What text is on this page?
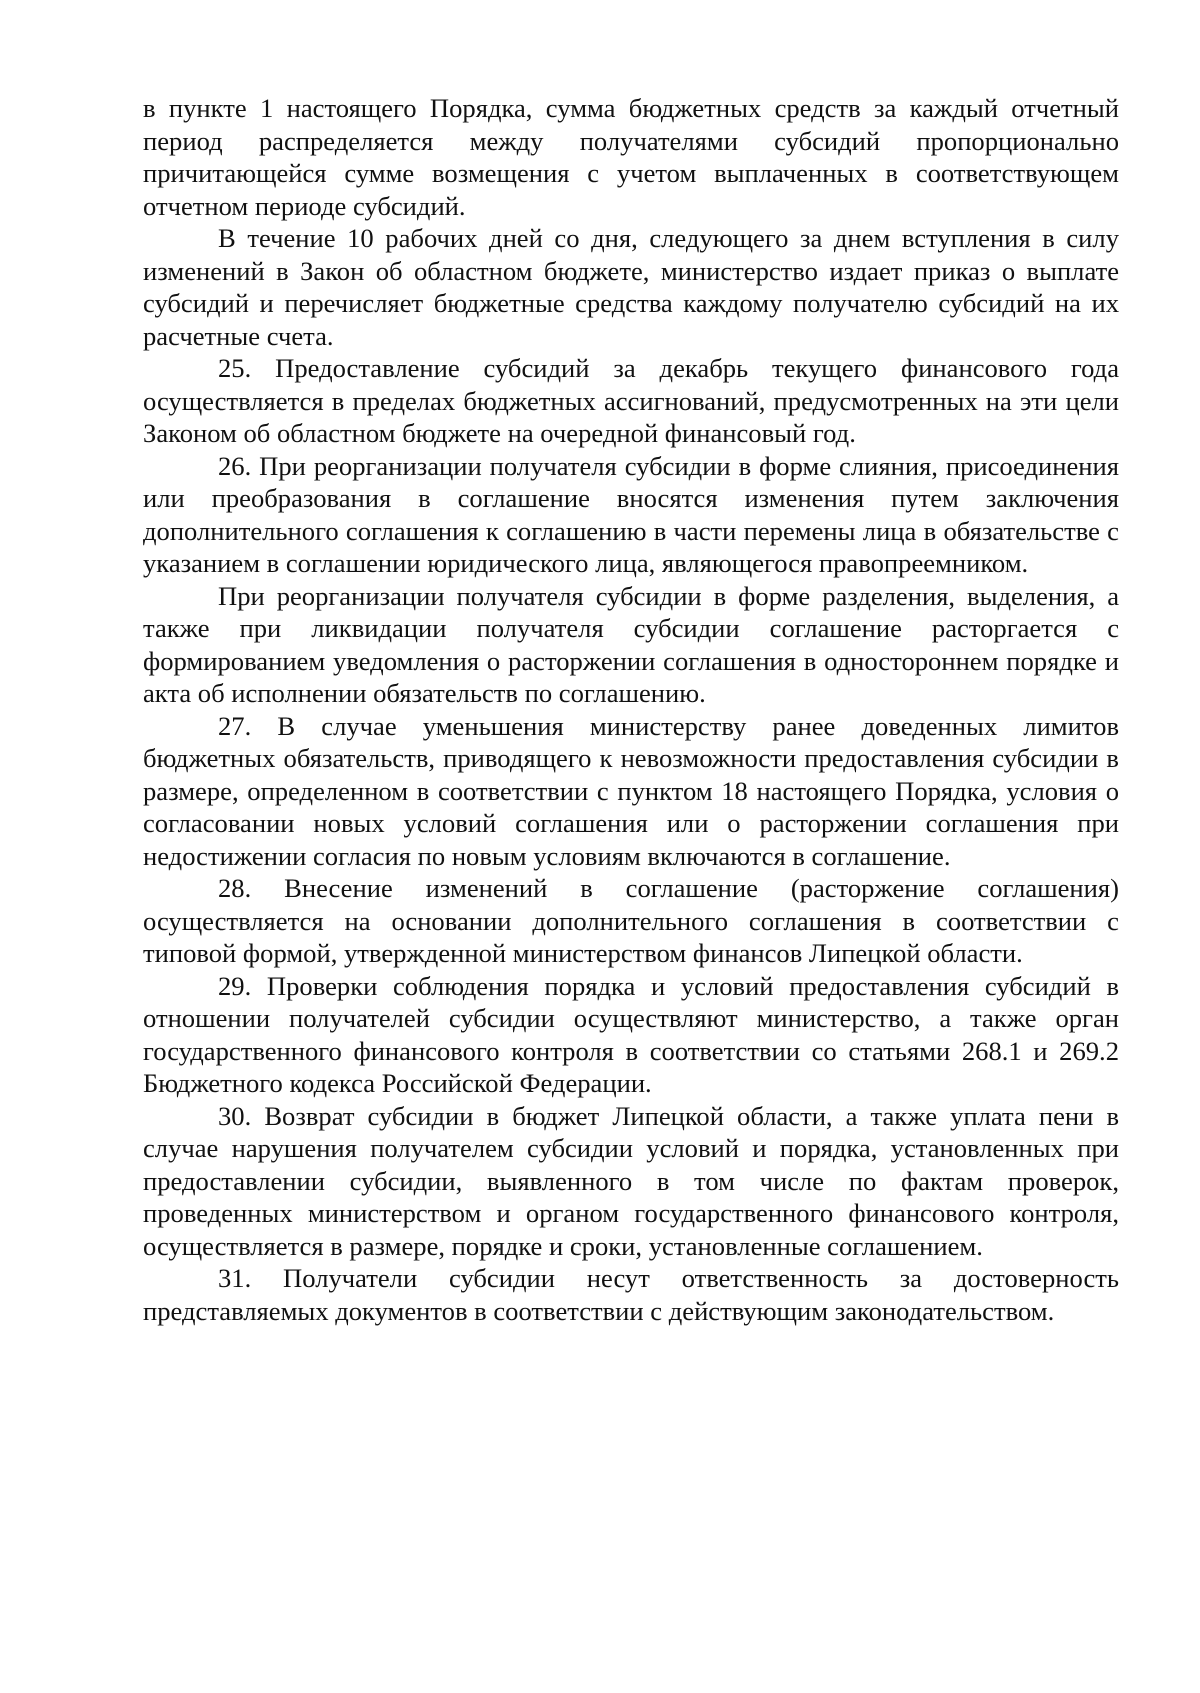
в пункте 1 настоящего Порядка, сумма бюджетных средств за каждый отчетный период распределяется между получателями субсидий пропорционально причитающейся сумме возмещения с учетом выплаченных в соответствующем отчетном периоде субсидий.

В течение 10 рабочих дней со дня, следующего за днем вступления в силу изменений в Закон об областном бюджете, министерство издает приказ о выплате субсидий и перечисляет бюджетные средства каждому получателю субсидий на их расчетные счета.

25. Предоставление субсидий за декабрь текущего финансового года осуществляется в пределах бюджетных ассигнований, предусмотренных на эти цели Законом об областном бюджете на очередной финансовый год.

26. При реорганизации получателя субсидии в форме слияния, присоединения или преобразования в соглашение вносятся изменения путем заключения дополнительного соглашения к соглашению в части перемены лица в обязательстве с указанием в соглашении юридического лица, являющегося правопреемником.

При реорганизации получателя субсидии в форме разделения, выделения, а также при ликвидации получателя субсидии соглашение расторгается с формированием уведомления о расторжении соглашения в одностороннем порядке и акта об исполнении обязательств по соглашению.

27. В случае уменьшения министерству ранее доведенных лимитов бюджетных обязательств, приводящего к невозможности предоставления субсидии в размере, определенном в соответствии с пунктом 18 настоящего Порядка, условия о согласовании новых условий соглашения или о расторжении соглашения при недостижении согласия по новым условиям включаются в соглашение.

28. Внесение изменений в соглашение (расторжение соглашения) осуществляется на основании дополнительного соглашения в соответствии с типовой формой, утвержденной министерством финансов Липецкой области.

29. Проверки соблюдения порядка и условий предоставления субсидий в отношении получателей субсидии осуществляют министерство, а также орган государственного финансового контроля в соответствии со статьями 268.1 и 269.2 Бюджетного кодекса Российской Федерации.

30. Возврат субсидии в бюджет Липецкой области, а также уплата пени в случае нарушения получателем субсидии условий и порядка, установленных при предоставлении субсидии, выявленного в том числе по фактам проверок, проведенных министерством и органом государственного финансового контроля, осуществляется в размере, порядке и сроки, установленные соглашением.

31. Получатели субсидии несут ответственность за достоверность представляемых документов в соответствии с действующим законодательством.
